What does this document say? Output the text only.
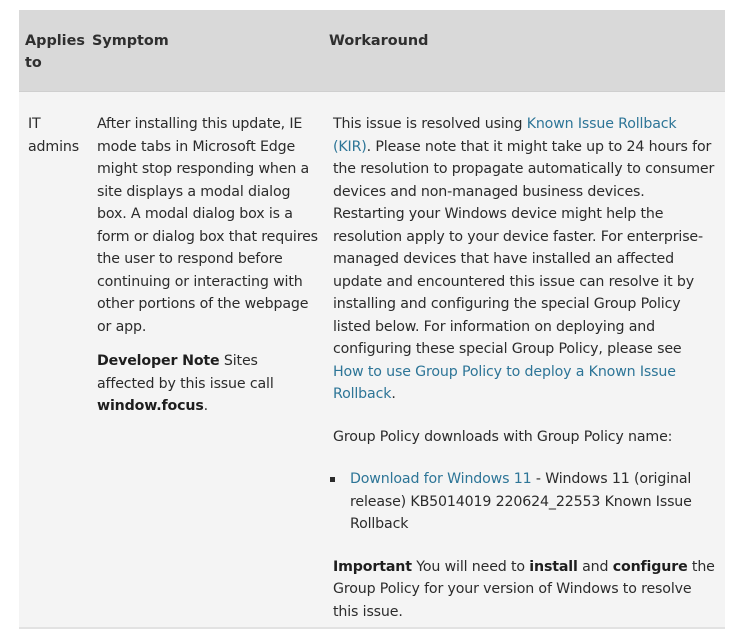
Applies to
Symptom	Workaround
IT admins

After installing this update, IE mode tabs in Microsoft Edge might stop responding when a site displays a modal dialog box. A modal dialog box is a form or dialog box that requires the user to respond before continuing or interacting with other portions of the webpage or app.

Developer Note Sites affected by this issue call window.focus.

This issue is resolved using Known Issue Rollback (KIR). Please note that it might take up to 24 hours for the resolution to propagate automatically to consumer devices and non-managed business devices. Restarting your Windows device might help the resolution apply to your device faster. For enterprise-managed devices that have installed an affected update and encountered this issue can resolve it by installing and configuring the special Group Policy listed below. For information on deploying and configuring these special Group Policy, please see How to use Group Policy to deploy a Known Issue Rollback.

Group Policy downloads with Group Policy name:

Download for Windows 11 - Windows 11 (original release) KB5014019 220624_22553 Known Issue Rollback

Important You will need to install and configure the Group Policy for your version of Windows to resolve this issue.
